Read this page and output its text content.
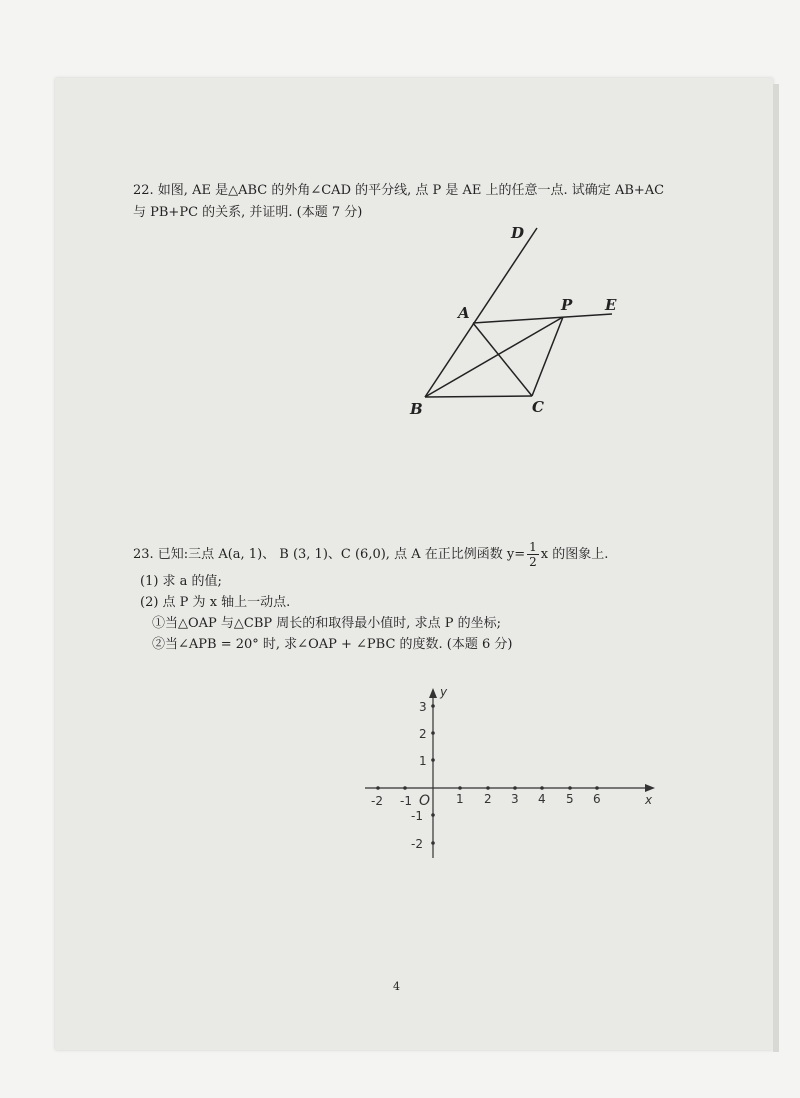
22. 如图, AE 是△ABC 的外角∠CAD 的平分线, 点 P 是 AE 上的任意一点. 试确定 AB+AC
与 PB+PC 的关系, 并证明. (本题 7 分)
D
A	P E
B	C
23. 已知:三点 A(a, 1)、 B (3, 1)、C (6,0), 点 A 在正比例函数 $y= \frac{1}{2}$ x 的图象上.
(1) 求 a 的值;
(2) 点 P 为 x 轴上一动点.
①当△OAP 与△CBP 周长的和取得最小值时, 求点 P 的坐标;
②当∠APB = 20° 时, 求∠OAP + ∠PBC 的度数. (本题 6 分)
-2 -1	1 2 3 4 5 6	x
O
3
2
1
-1
-2
y
4
